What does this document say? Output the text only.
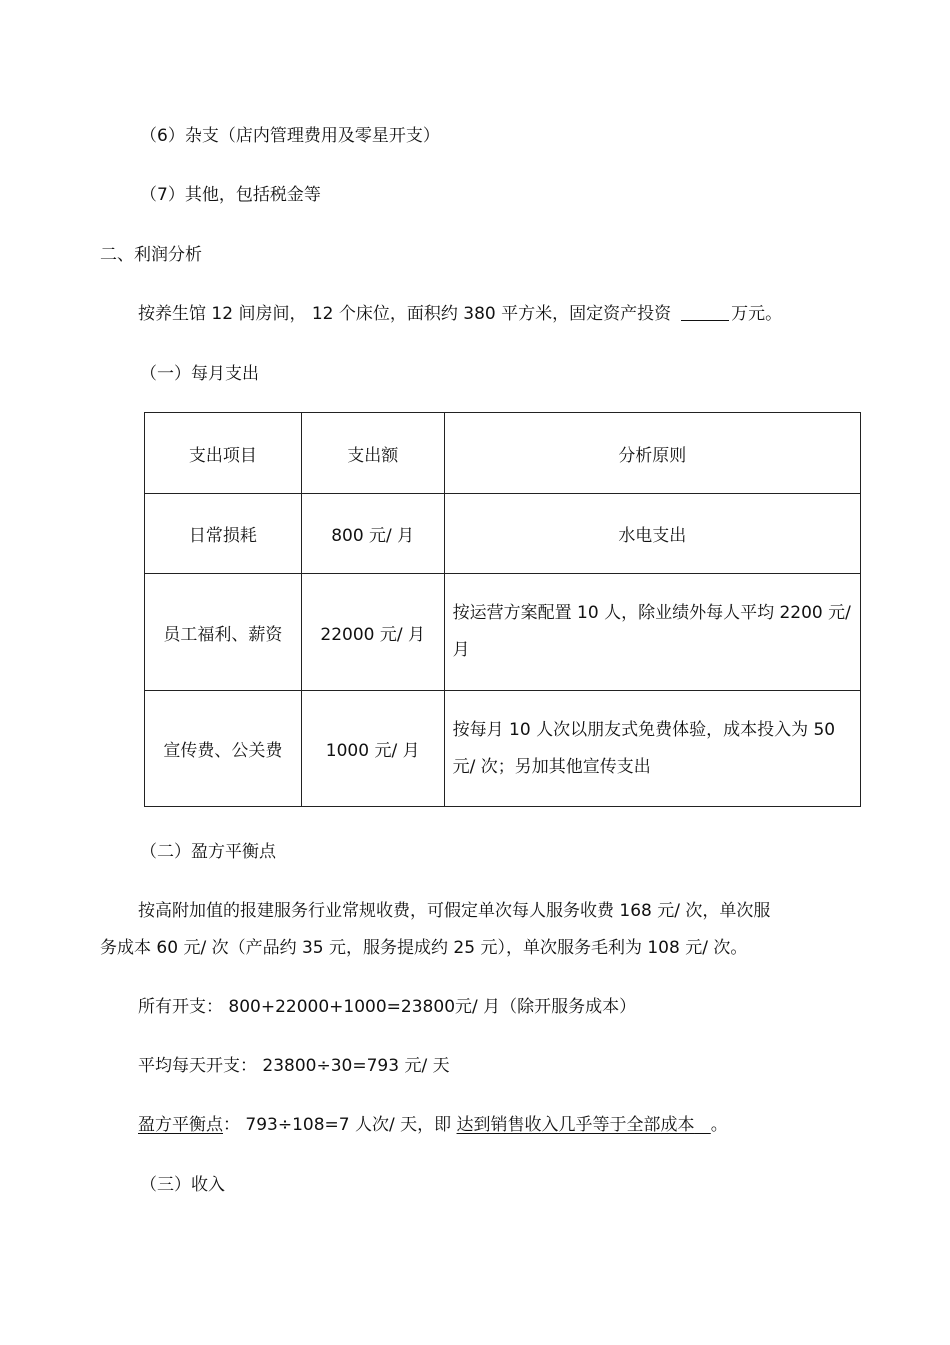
（6）杂支（店内管理费用及零星开支）
（7）其他，包括税金等
二、利润分析
按养生馆 12 间房间， 12 个床位，面积约 380 平方米，固定资产投资	万元。
（一）每月支出
支出项目	支出额	分析原则
日常损耗	800 元/ 月	水电支出
员工福利、薪资	22000 元/ 月	按运营方案配置 10 人，除业绩外每人平均 2200 元/ 月
宣传费、公关费	1000 元/ 月	按每月 10 人次以朋友式免费体验，成本投入为 50 元/ 次；另加其他宣传支出
（二）盈方平衡点
按高附加值的报建服务行业常规收费，可假定单次每人服务收费 168 元/ 次，单次服
务成本 60 元/ 次（产品约 35 元，服务提成约 25 元），单次服务毛利为 108 元/ 次。
所有开支： 800+22000+1000=23800元/ 月（除开服务成本）
平均每天开支： 23800÷30=793 元/ 天
盈方平衡点： 793÷108=7 人次/ 天，即 达到销售收入几乎等于全部成本 。
（三）收入
